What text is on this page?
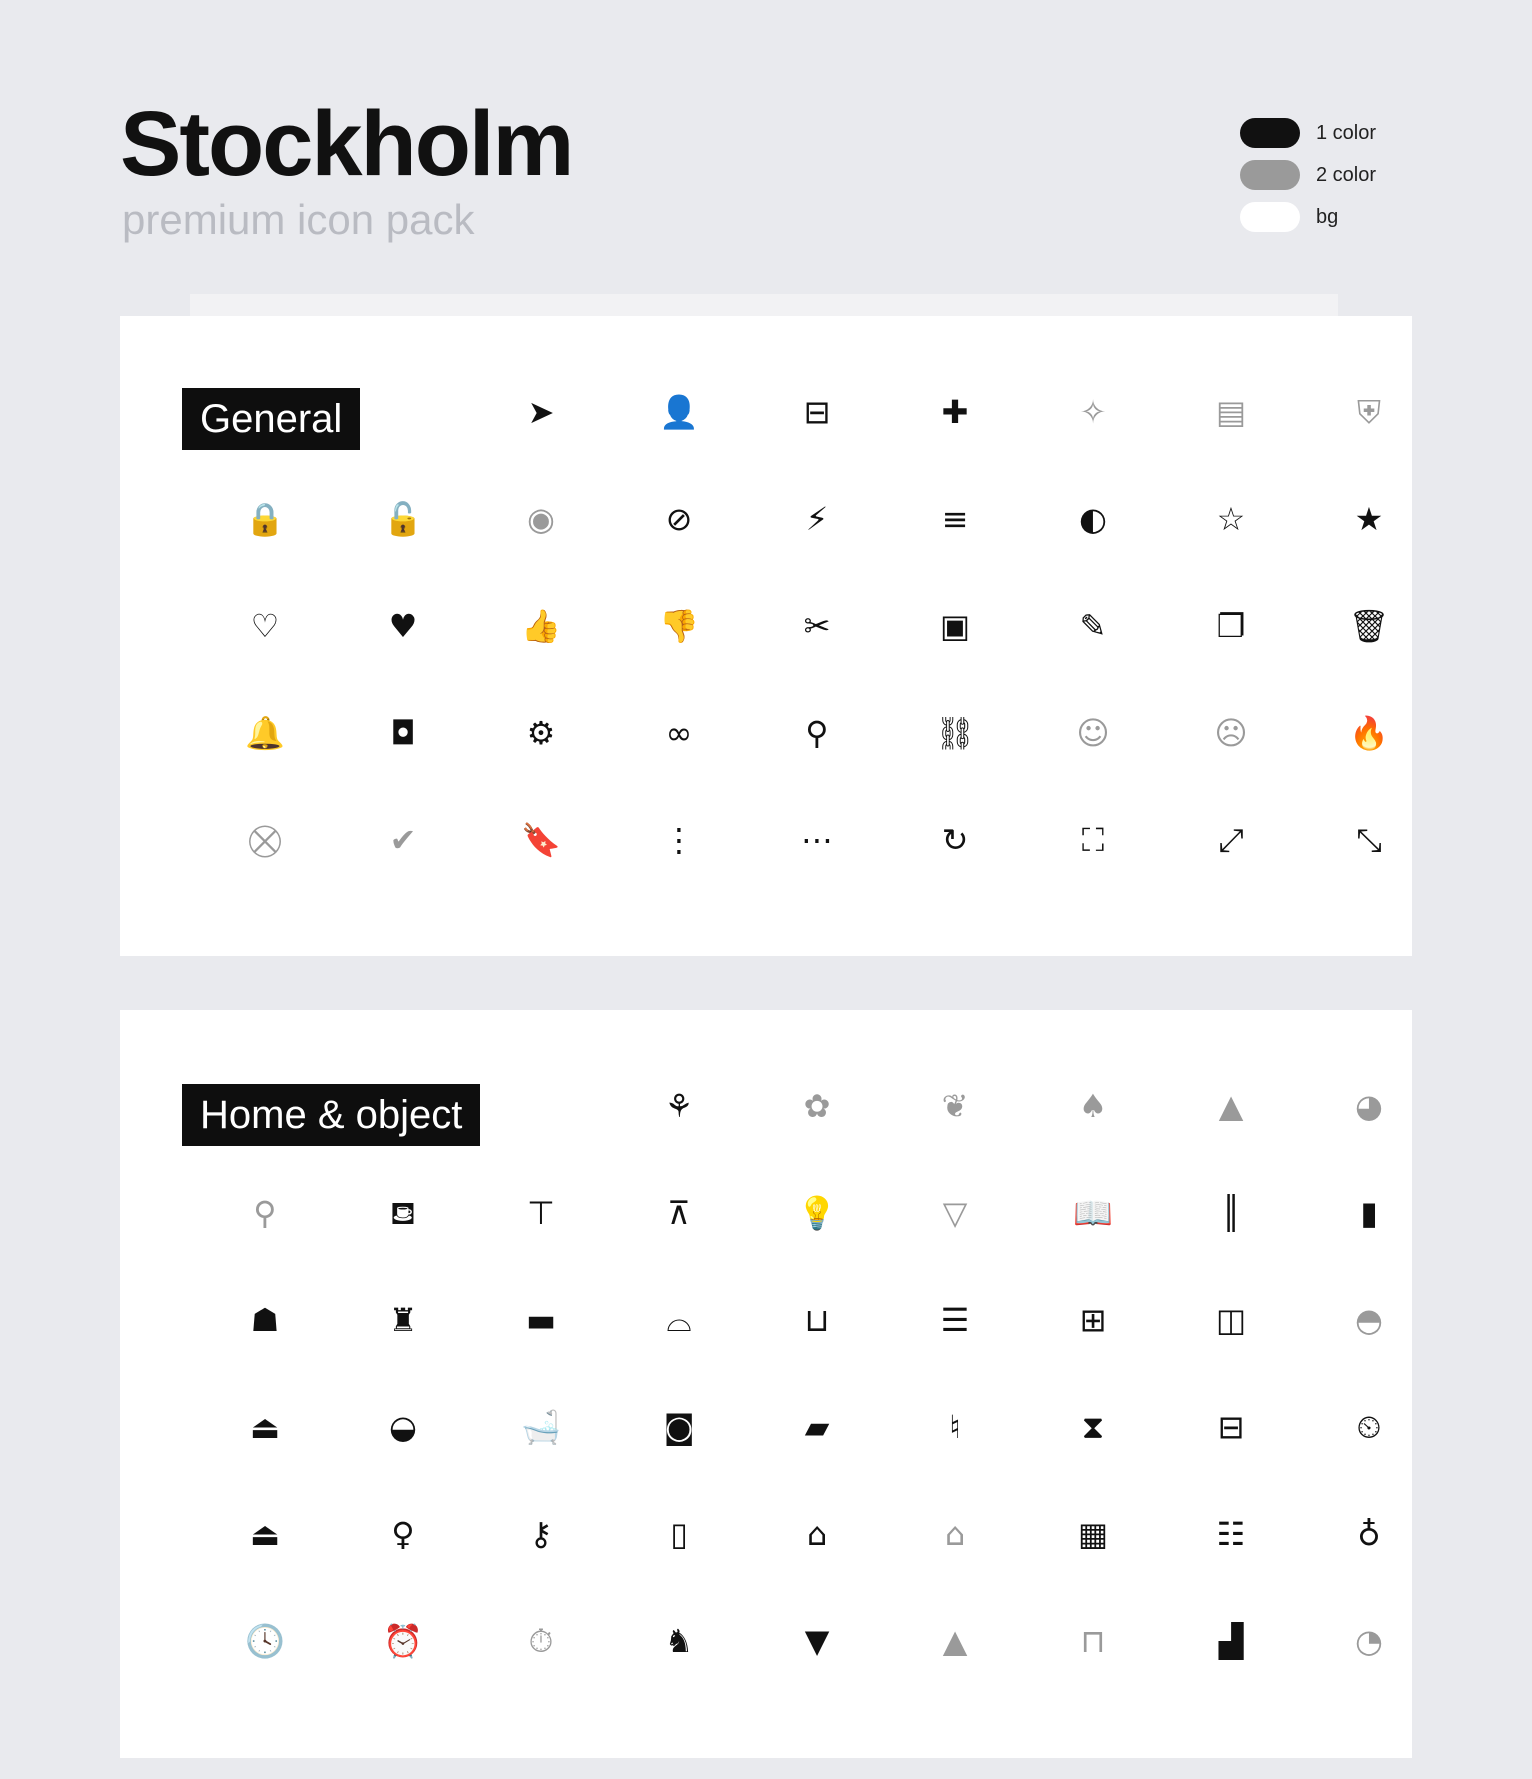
Stockholm
premium icon pack
1 color
2 color
bg
General	➤	👤	⊟	✚	✧	▤	⛨
🔒	🔓	◉	⊘	⚡	≡	◐	☆	★
♡	♥	👍	👎	✂	▣	✎	❐	🗑
🔔	◘	⚙	∞	⚲	⛓	☺	☹	🔥
⛒	✔	🔖	⋮	⋯	↻	⛶	⤢	⤡
Home & object	⚘	✿	❦	♠	▲	◕
⚲	⛾	⊤	⊼	💡	▽	📖	║	▮
☗	♜	▬	⌓	⊔	☰	⊞	◫	◓
⏏	◒	🛁	◙	▰	♮	⧗	⊟	⏲
⏏	♀	⚷	▯	⌂	⌂	▦	☷	♁
🕓	⏰	⏱	♞	▼	▲	⊓	▟	◔
